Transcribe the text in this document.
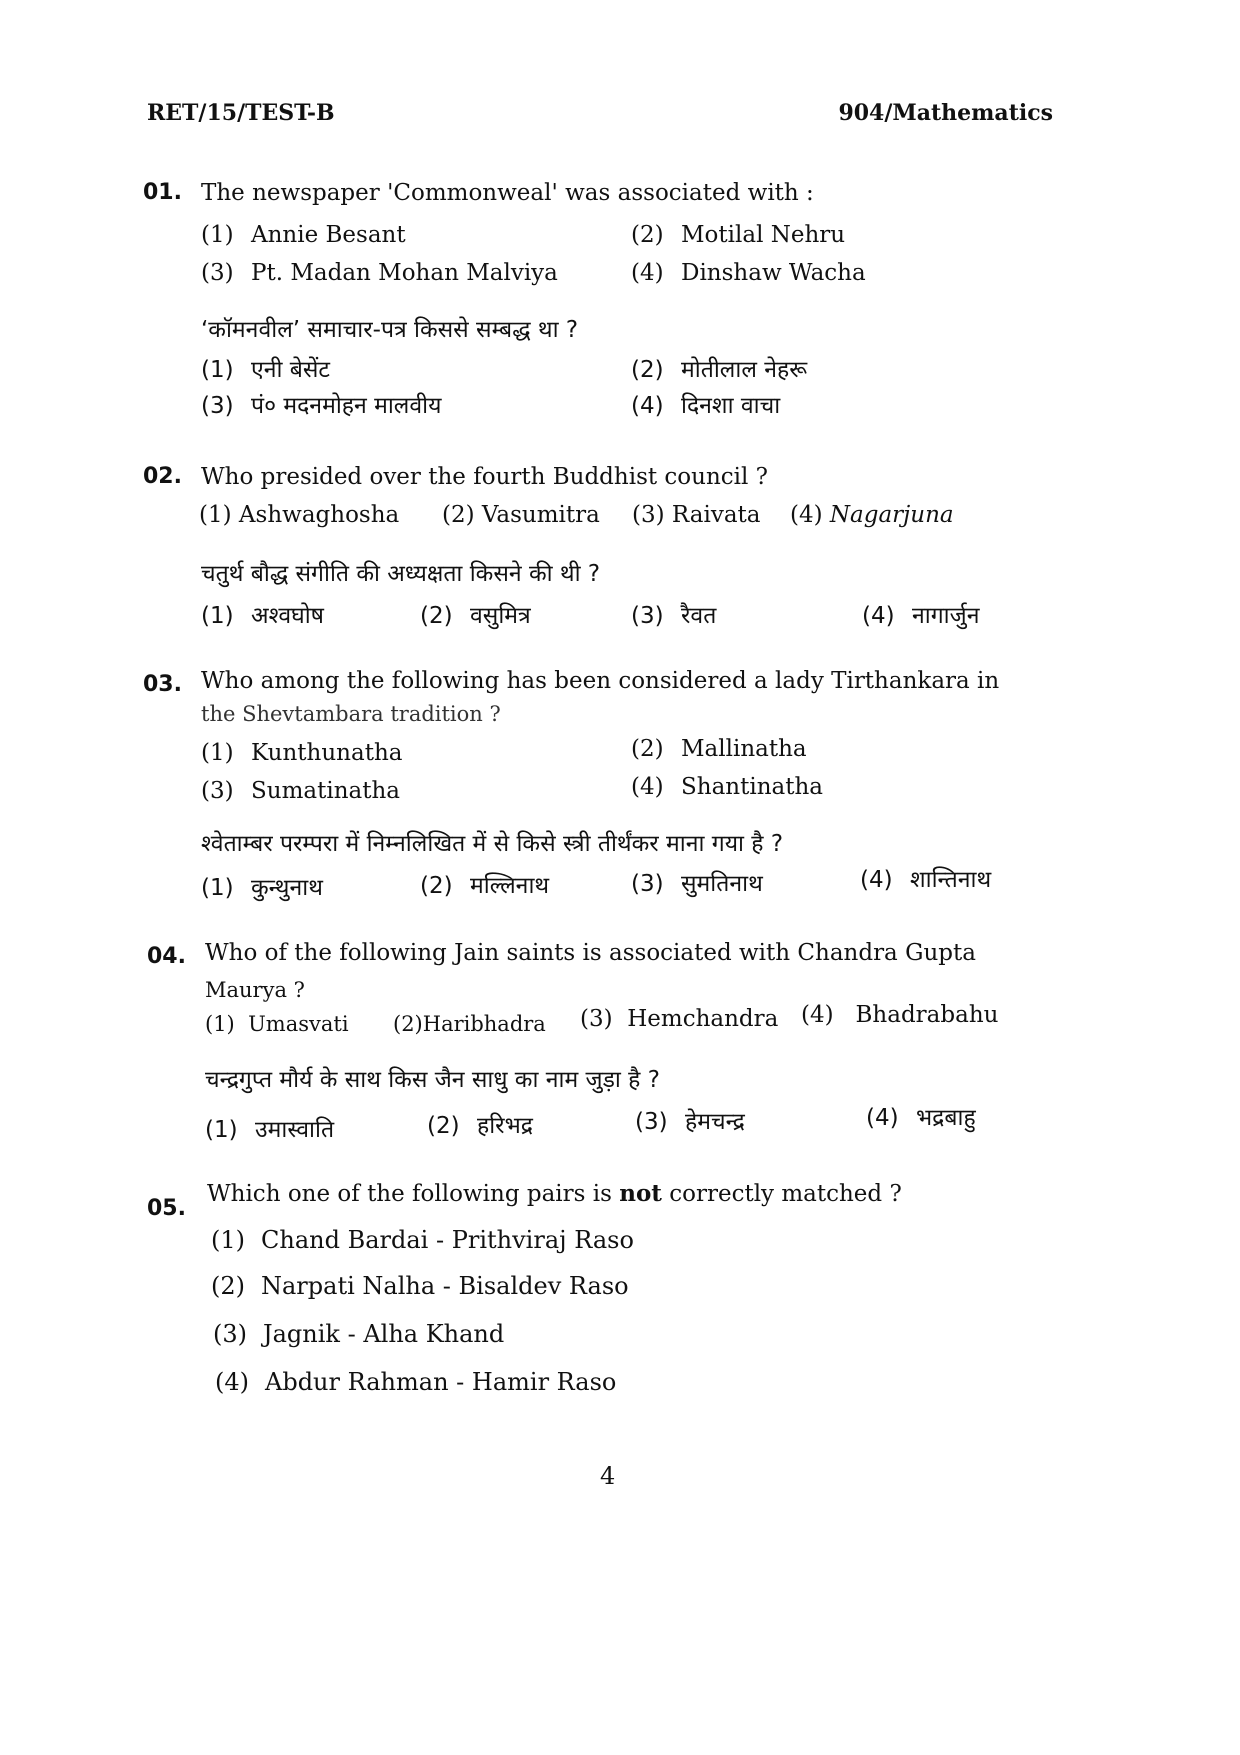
RET/15/TEST-B	904/Mathematics
01. The newspaper 'Commonweal' was associated with :
(1) Annie Besant	(2) Motilal Nehru
(3) Pt. Madan Mohan Malviya	(4) Dinshaw Wacha
‘कॉमनवील’ समाचार-पत्र किससे सम्बद्ध था ?
(1) एनी बेसेंट	(2) मोतीलाल नेहरू
(3) पं० मदनमोहन मालवीय	(4) दिनशा वाचा
02. Who presided over the fourth Buddhist council ?
(1) Ashwaghosha (2) Vasumitra (3) Raivata (4) Nagarjuna
चतुर्थ बौद्ध संगीति की अध्यक्षता किसने की थी ?
(1) अश्वघोष	(2) वसुमित्र	(3) रैवत	(4) नागार्जुन
03. Who among the following has been considered a lady Tirthankara in
the Shevtambara tradition ?
(1) Kunthunatha	(2) Mallinatha
(3) Sumatinatha	(4) Shantinatha
श्वेताम्बर परम्परा में निम्नलिखित में से किसे स्त्री तीर्थंकर माना गया है ?
(1) कुन्थुनाथ	(2) मल्लिनाथ	(3) सुमतिनाथ	(4) शान्तिनाथ
04. Who of the following Jain saints is associated with Chandra Gupta
Maurya ?
(1) Umasvati (2)Haribhadra (3) Hemchandra (4) Bhadrabahu
चन्द्रगुप्त मौर्य के साथ किस जैन साधु का नाम जुड़ा है ?
(1) उमास्वाति	(2) हरिभद्र	(3) हेमचन्द्र	(4) भद्रबाहु
05.
Which one of the following pairs is not correctly matched ?
(1) Chand Bardai - Prithviraj Raso
(2) Narpati Nalha - Bisaldev Raso
(3) Jagnik - Alha Khand
(4) Abdur Rahman - Hamir Raso
4
